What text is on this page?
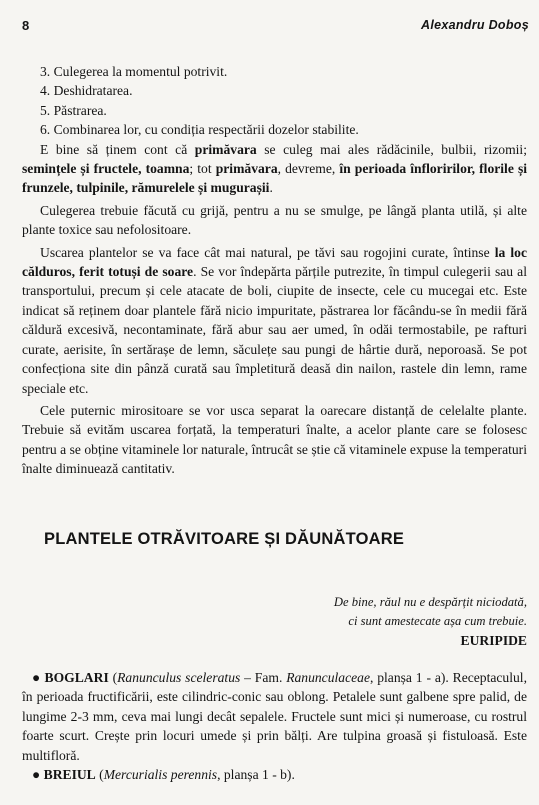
8	Alexandru Doboș

3. Culegerea la momentul potrivit.

4. Deshidratarea.

5. Păstrarea.

6. Combinarea lor, cu condiția respectării dozelor stabilite.

E bine să ținem cont că primăvara se culeg mai ales rădăcinile, bulbii, rizomii; semințele și fructele, toamna; tot primăvara, devreme, în perioada înfloririlor, florile și frunzele, tulpinile, rămurelele și mugurașii.

Culegerea trebuie făcută cu grijă, pentru a nu se smulge, pe lângă planta utilă, și alte plante toxice sau nefolositoare.

Uscarea plantelor se va face cât mai natural, pe tăvi sau rogojini curate, întinse la loc călduros, ferit totuși de soare. Se vor îndepărta părțile putrezite, în timpul culegerii sau al transportului, precum și cele atacate de boli, ciupite de insecte, cele cu mucegai etc. Este indicat să reținem doar plantele fără nicio impuritate, păstrarea lor făcându-se în medii fără căldură excesivă, necontaminate, fără abur sau aer umed, în odăi termostabile, pe rafturi curate, aerisite, în sertărașe de lemn, săculețe sau pungi de hârtie dură, neporoasă. Se pot confecționa site din pânză curată sau împletitură deasă din nailon, rastele din lemn, rame speciale etc.

Cele puternic mirositoare se vor usca separat la oarecare distanță de celelalte plante. Trebuie să evităm uscarea forțată, la temperaturi înalte, a acelor plante care se folosesc pentru a se obține vitaminele lor naturale, întrucât se știe că vitaminele expuse la temperaturi înalte diminuează cantitativ.

PLANTELE OTRĂVITOARE ȘI DĂUNĂTOARE
De bine, răul nu e despărțit niciodată,
ci sunt amestecate așa cum trebuie.
EURIPIDE

● BOGLARI (Ranunculus sceleratus – Fam. Ranunculaceae, planșa 1 - a). Receptaculul, în perioada fructificării, este cilindric-conic sau oblong. Petalele sunt galbene spre palid, de lungime 2-3 mm, ceva mai lungi decât sepalele. Fructele sunt mici și numeroase, cu rostrul foarte scurt. Crește prin locuri umede și prin bălți. Are tulpina groasă și fistuloasă. Este multifloră.

● BREIUL (Mercurialis perennis, planșa 1 - b).
